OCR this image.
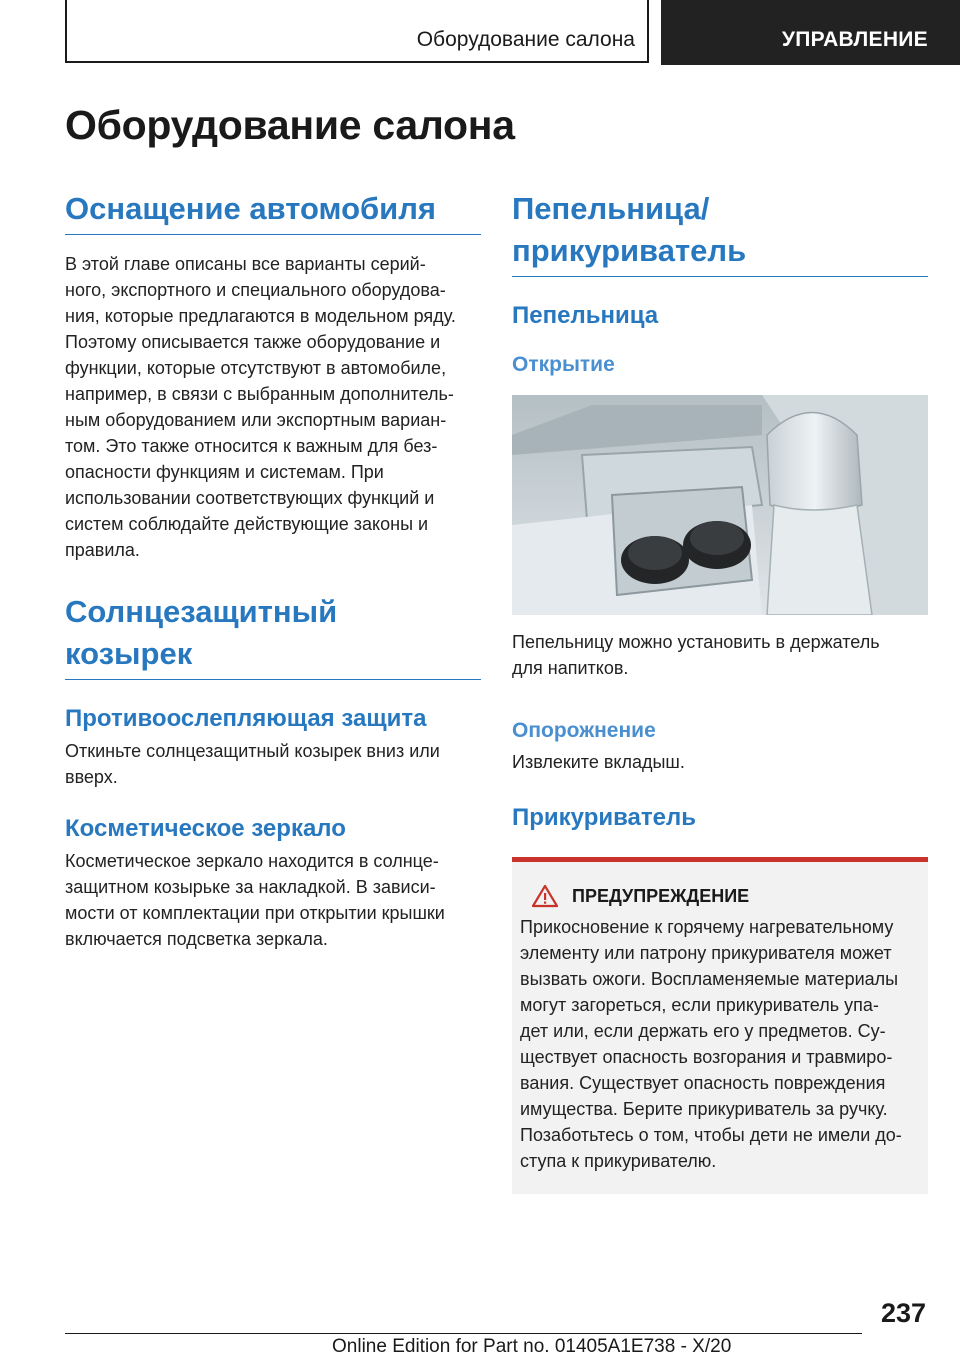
Оборудование салона	УПРАВЛЕНИЕ
Оборудование салона
Оснащение автомобиля

В этой главе описаны все варианты серий-

ного, экспортного и специального оборудова-

ния, которые предлагаются в модельном ряду.

Поэтому описывается также оборудование и

функции, которые отсутствуют в автомобиле,

например, в связи с выбранным дополнитель-

ным оборудованием или экспортным вариан-

том. Это также относится к важным для без-

опасности функциям и системам. При

использовании соответствующих функций и

систем соблюдайте действующие законы и

правила.

Солнцезащитный
козырек
Противоослепляющая защита

Откиньте солнцезащитный козырек вниз или

вверх.

Косметическое зеркало

Косметическое зеркало находится в солнце-

защитном козырьке за накладкой. В зависи-

мости от комплектации при открытии крышки

включается подсветка зеркала.

Пепельница/
прикуриватель
Пепельница
Открытие

Пепельницу можно установить в держатель

для напитков.

Опорожнение

Извлеките вкладыш.

Прикуриватель
ПРЕДУПРЕЖДЕНИЕ

Прикосновение к горячему нагревательному

элементу или патрону прикуривателя может

вызвать ожоги. Воспламеняемые материалы

могут загореться, если прикуриватель упа-

дет или, если держать его у предметов. Су-

ществует опасность возгорания и травмиро-

вания. Существует опасность повреждения

имущества. Берите прикуриватель за ручку.

Позаботьтесь о том, чтобы дети не имели до-

ступа к прикуривателю.

237
Online Edition for Part no. 01405A1E738 - X/20
